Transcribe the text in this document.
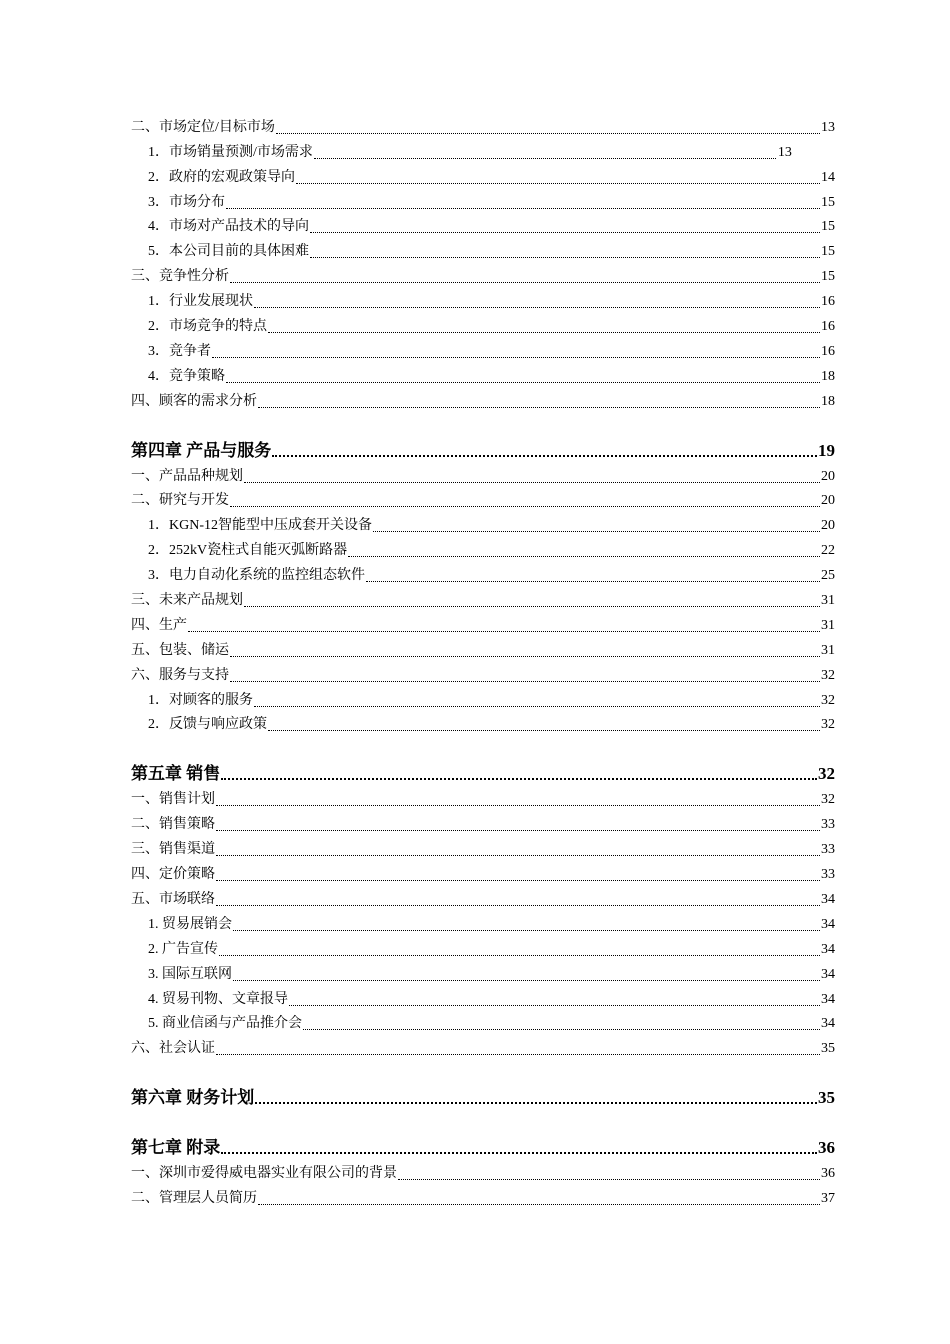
二、市场定位/目标市场	13
1．市场销量预测/市场需求	13
2．政府的宏观政策导向	14
3．市场分布	15
4．市场对产品技术的导向	15
5．本公司目前的具体困难	15
三、竞争性分析	15
1．行业发展现状	16
2．市场竞争的特点	16
3．竞争者	16
4．竞争策略	18
四、顾客的需求分析	18
第四章 产品与服务	19
一、产品品种规划	20
二、研究与开发	20
1．KGN-12智能型中压成套开关设备	20
2．252kV瓷柱式自能灭弧断路器	22
3．电力自动化系统的监控组态软件	25
三、未来产品规划	31
四、生产	31
五、包装、储运	31
六、服务与支持	32
1．对顾客的服务	32
2．反馈与响应政策	32
第五章 销售	32
一、销售计划	32
二、销售策略	33
三、销售渠道	33
四、定价策略	33
五、市场联络	34
1. 贸易展销会	34
2. 广告宣传	34
3. 国际互联网	34
4. 贸易刊物、文章报导	34
5. 商业信函与产品推介会	34
六、社会认证	35
第六章 财务计划	35
第七章 附录	36
一、深圳市爱得威电器实业有限公司的背景	36
二、管理层人员简历	37
